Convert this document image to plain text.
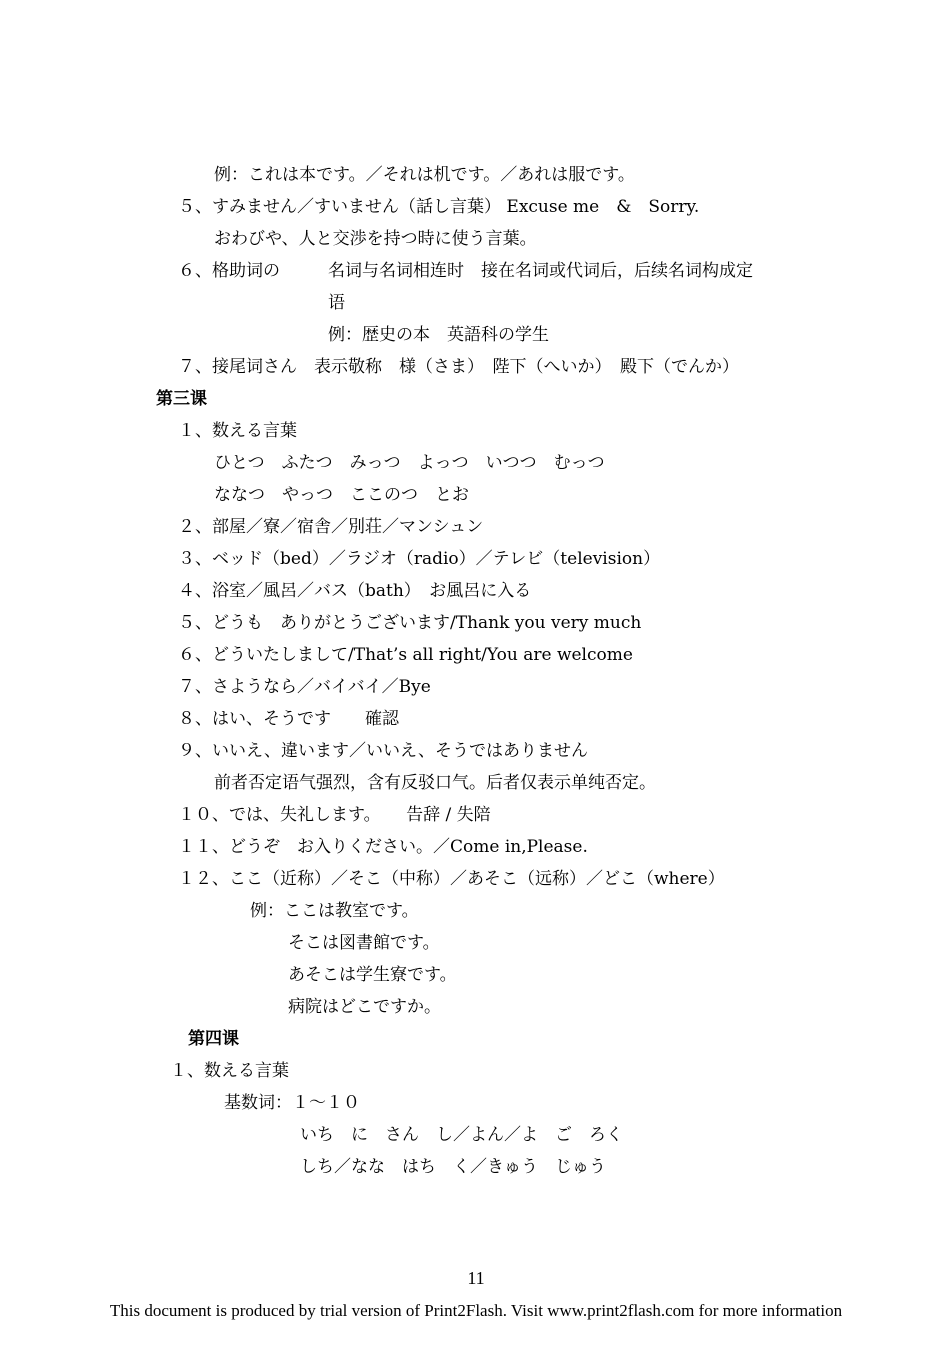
例：これは本です。／それは机です。／あれは服です。
５、すみません／すいません（話し言葉） Excuse me　&　Sorry.
おわびや、人と交渉を持つ時に使う言葉。
６、格助词の	名词与名词相连时　接在名词或代词后，后续名词构成定
语
例：歴史の本　英語科の学生
７、接尾词さん　表示敬称　様（さま）　陛下（へいか）　殿下（でんか）
第三课
１、数える言葉
ひとつ　ふたつ　みっつ　よっつ　いつつ　むっつ
ななつ　やっつ　ここのつ　とお
２、部屋／寮／宿舎／別荘／マンシュン
３、ベッド（bed）／ラジオ（radio）／テレビ（television）
４、浴室／風呂／バス（bath）　お風呂に入る
５、どうも　ありがとうございます/Thank you very much
６、どういたしまして/That’s all right/You are welcome
７、さようなら／バイバイ／Bye
８、はい、そうです　　確認
９、いいえ、違います／いいえ、そうではありません
前者否定语气强烈，含有反驳口气。后者仅表示单纯否定。
１０、では、失礼します。　　告辞 / 失陪
１１、どうぞ　お入りください。／Come in,Please.
１２、ここ（近称）／そこ（中称）／あそこ（远称）／どこ（where）
例：ここは教室です。
そこは図書館です。
あそこは学生寮です。
病院はどこですか。
第四课
１、数える言葉
基数词：１～１０
いち　に　さん　し／よん／よ　ご　ろく
しち／なな　はち　く／きゅう　じゅう
11
This document is produced by trial version of Print2Flash. Visit www.print2flash.com for more information
